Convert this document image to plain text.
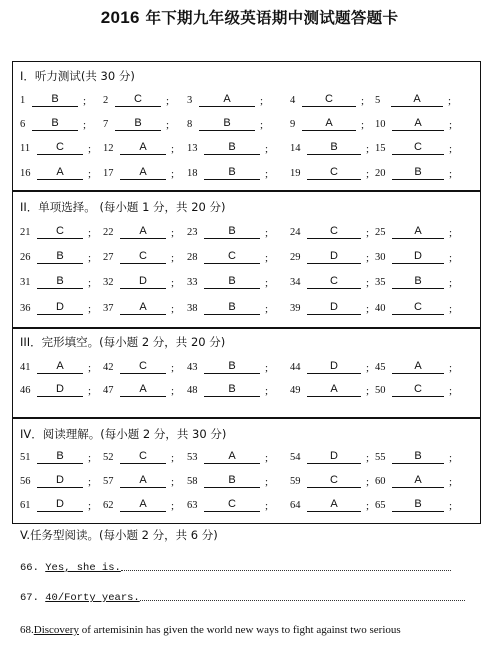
2016 年下期九年级英语期中测试题答题卡
I．听力测试(共 30 分)
1	B	; 2	C	; 3	A	;	4	C	; 5	A	;
6	B	; 7	B	; 8	B	;	9	A	; 10	A	;
11	C	; 12	A	; 13	B	; 14	B	; 15	C	;
16	A	; 17	A	; 18	B	; 19	C	; 20	B	;
II．单项选择。 (每小题 1 分，共 20 分)
21	C	; 22	A	; 23	B	; 24	C	; 25	A	;
26	B	; 27	C	; 28	C	; 29	D	; 30	D	;
31	B	; 32	D	; 33	B	; 34	C	; 35	B	;
36	D	; 37	A	; 38	B	; 39	D	; 40	C	;
III．完形填空。(每小题 2 分，共 20 分)
41	A	; 42	C	; 43	B	; 44	D	; 45	A	;
46	D	; 47	A	; 48	B	; 49	A	; 50	C	;
IV．阅读理解。(每小题 2 分，共 30 分)
51	B	; 52	C	; 53	A	; 54	D	; 55	B	;
56	D	; 57	A	; 58	B	; 59	C	; 60	A	;
61	D	; 62	A	; 63	C	; 64	A	; 65	B	;
V.任务型阅读。(每小题 2 分，共 6 分)
66. Yes, she is.
67. 40/Forty years.
68.Discovery of artemisinin has given the world new ways to fight against two serious
